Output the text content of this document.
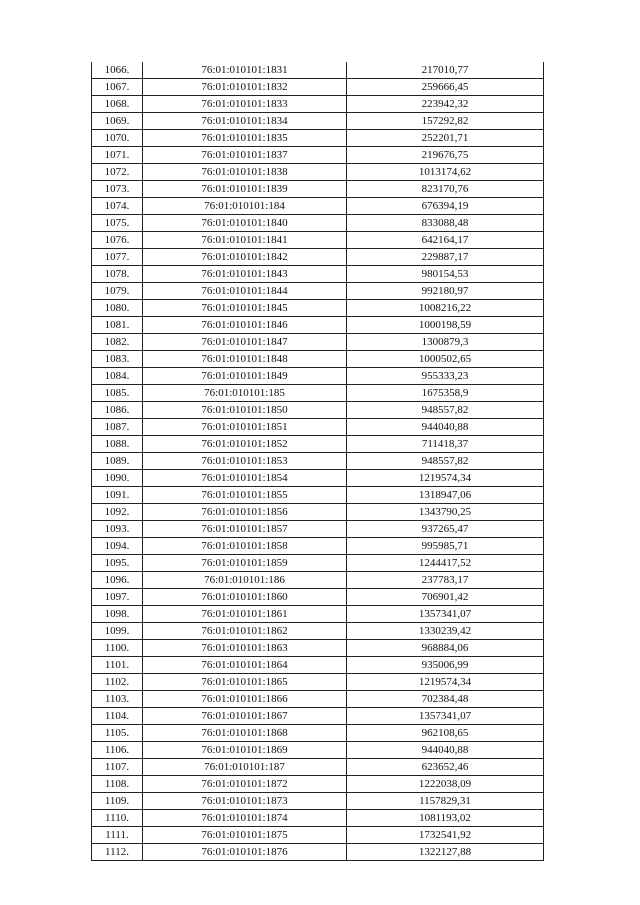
1066.	76:01:010101:1831	217010,77
1067.	76:01:010101:1832	259666,45
1068.	76:01:010101:1833	223942,32
1069.	76:01:010101:1834	157292,82
1070.	76:01:010101:1835	252201,71
1071.	76:01:010101:1837	219676,75
1072.	76:01:010101:1838	1013174,62
1073.	76:01:010101:1839	823170,76
1074.	76:01:010101:184	676394,19
1075.	76:01:010101:1840	833088,48
1076.	76:01:010101:1841	642164,17
1077.	76:01:010101:1842	229887,17
1078.	76:01:010101:1843	980154,53
1079.	76:01:010101:1844	992180,97
1080.	76:01:010101:1845	1008216,22
1081.	76:01:010101:1846	1000198,59
1082.	76:01:010101:1847	1300879,3
1083.	76:01:010101:1848	1000502,65
1084.	76:01:010101:1849	955333,23
1085.	76:01:010101:185	1675358,9
1086.	76:01:010101:1850	948557,82
1087.	76:01:010101:1851	944040,88
1088.	76:01:010101:1852	711418,37
1089.	76:01:010101:1853	948557,82
1090.	76:01:010101:1854	1219574,34
1091.	76:01:010101:1855	1318947,06
1092.	76:01:010101:1856	1343790,25
1093.	76:01:010101:1857	937265,47
1094.	76:01:010101:1858	995985,71
1095.	76:01:010101:1859	1244417,52
1096.	76:01:010101:186	237783,17
1097.	76:01:010101:1860	706901,42
1098.	76:01:010101:1861	1357341,07
1099.	76:01:010101:1862	1330239,42
1100.	76:01:010101:1863	968884,06
1101.	76:01:010101:1864	935006,99
1102.	76:01:010101:1865	1219574,34
1103.	76:01:010101:1866	702384,48
1104.	76:01:010101:1867	1357341,07
1105.	76:01:010101:1868	962108,65
1106.	76:01:010101:1869	944040,88
1107.	76:01:010101:187	623652,46
1108.	76:01:010101:1872	1222038,09
1109.	76:01:010101:1873	1157829,31
1110.	76:01:010101:1874	1081193,02
1111.	76:01:010101:1875	1732541,92
1112.	76:01:010101:1876	1322127,88
